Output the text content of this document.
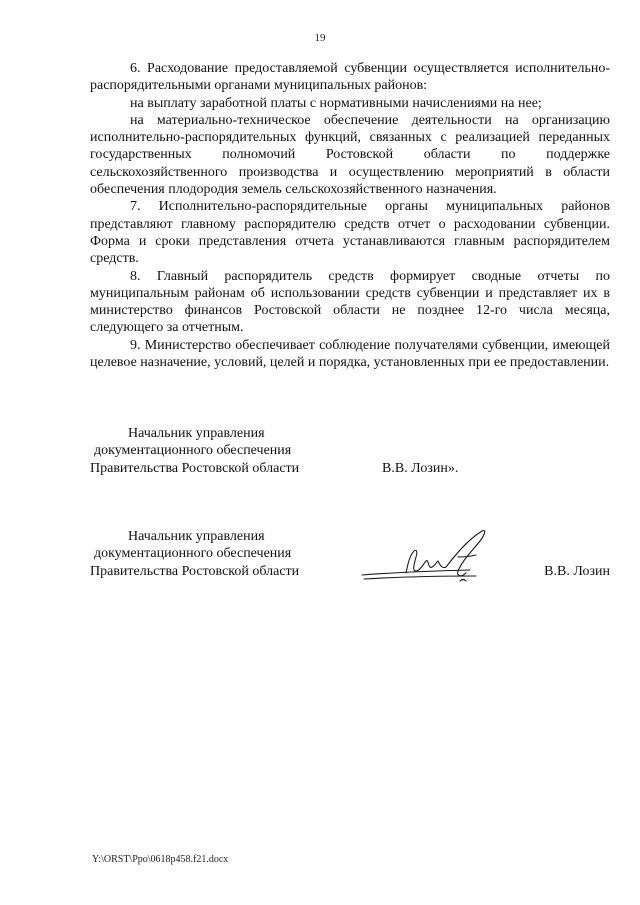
19

6. Расходование предоставляемой субвенции осуществляется исполнительно-распорядительными органами муниципальных районов:

на выплату заработной платы с нормативными начислениями на нее;

на материально-техническое обеспечение деятельности на организацию исполнительно-распорядительных функций, связанных с реализацией переданных государственных полномочий Ростовской области по поддержке сельскохозяйственного производства и осуществлению мероприятий в области обеспечения плодородия земель сельскохозяйственного назначения.

7. Исполнительно-распорядительные органы муниципальных районов представляют главному распорядителю средств отчет о расходовании субвенции. Форма и сроки представления отчета устанавливаются главным распорядителем средств.

8. Главный распорядитель средств формирует сводные отчеты по муниципальным районам об использовании средств субвенции и представляет их в министерство финансов Ростовской области не позднее 12-го числа месяца, следующего за отчетным.

9. Министерство обеспечивает соблюдение получателями субвенции, имеющей целевое назначение, условий, целей и порядка, установленных при ее предоставлении.

Начальник управления
документационного обеспечения
Правительства Ростовской области	В.В. Лозин».
Начальник управления
документационного обеспечения
Правительства Ростовской области	В.В. Лозин
Y:\ORST\Ppo\0618p458.f21.docx
